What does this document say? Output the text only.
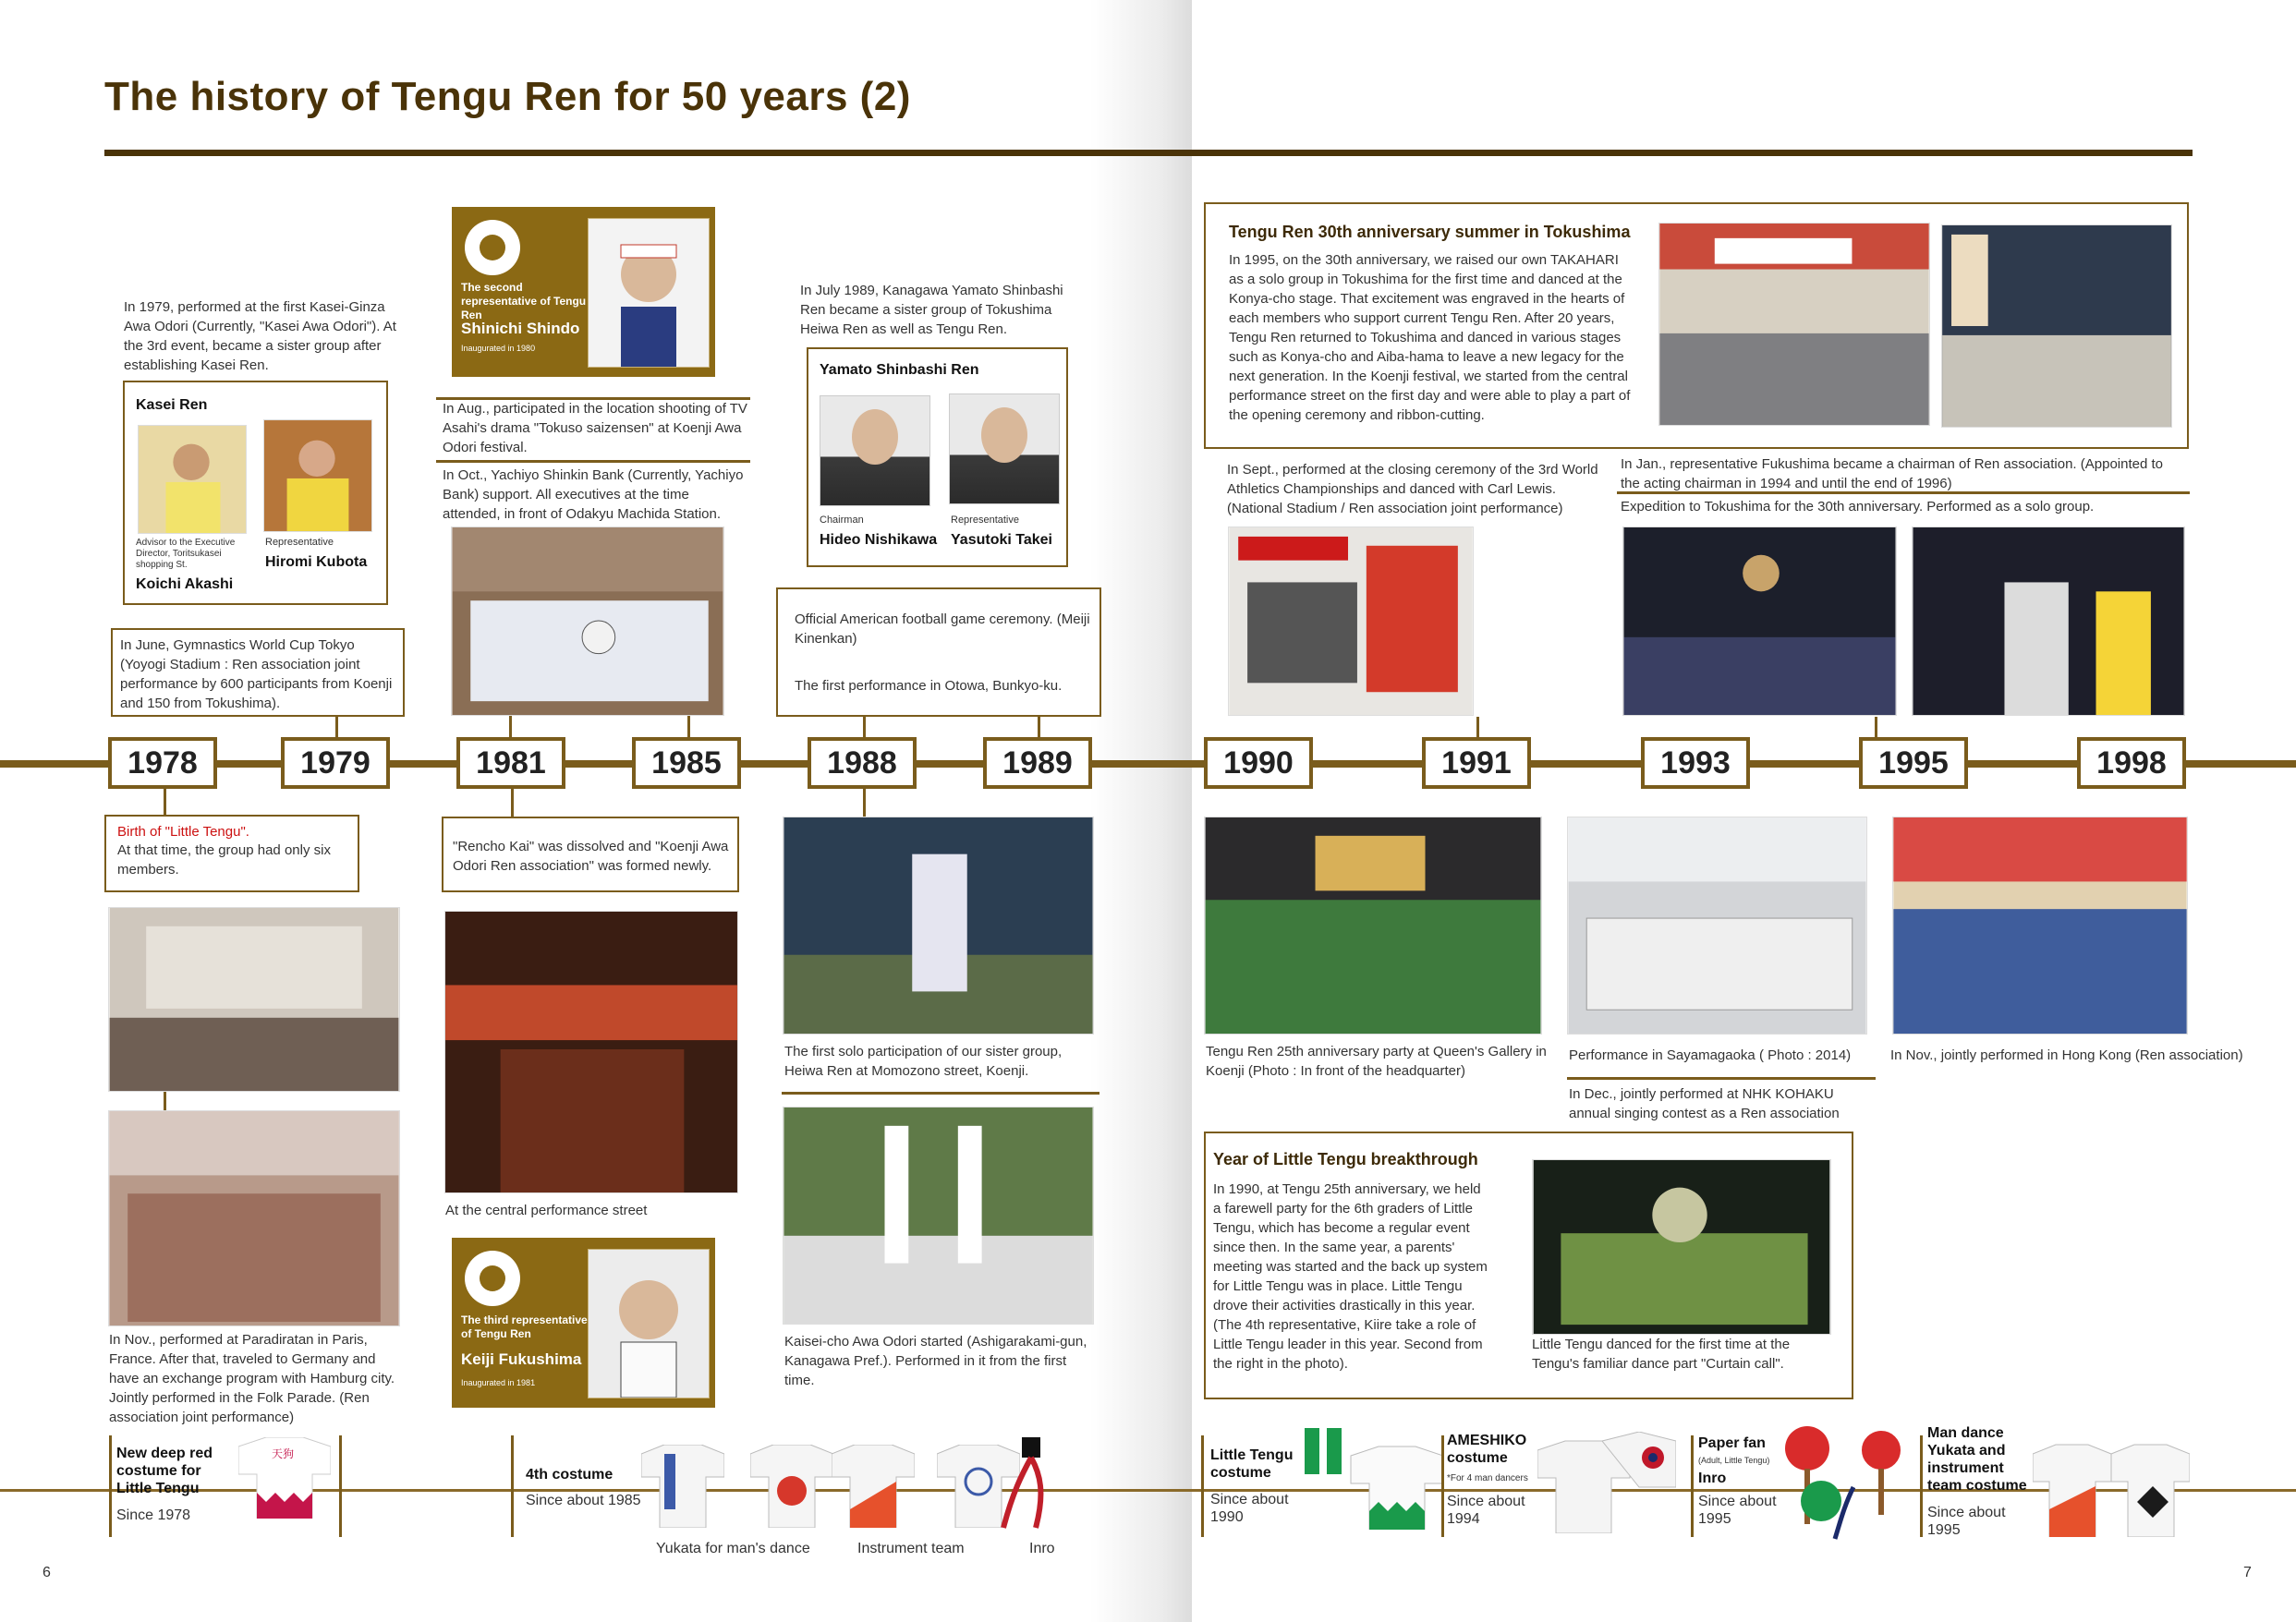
The history of Tengu Ren for 50 years (2)
In 1979, performed at the first Kasei-Ginza Awa Odori (Currently, "Kasei Awa Odori"). At the 3rd event, became a sister group after establishing Kasei Ren.
Kasei Ren
Advisor to the Executive Director, Toritsukasei shopping St.
Koichi Akashi
Representative
Hiromi Kubota
In June, Gymnastics World Cup Tokyo (Yoyogi Stadium : Ren association joint performance by 600 participants from Koenji and 150 from Tokushima).
The second representative of Tengu Ren
Shinichi Shindo
Inaugurated in 1980
In Aug., participated in the location shooting of TV Asahi's drama "Tokuso saizensen" at Koenji Awa Odori festival.
In Oct., Yachiyo Shinkin Bank (Currently, Yachiyo Bank) support. All executives at the time attended, in front of Odakyu Machida Station.
In July 1989, Kanagawa Yamato Shinbashi Ren became a sister group of Tokushima Heiwa Ren as well as Tengu Ren.
Yamato Shinbashi Ren
Chairman
Hideo Nishikawa
Representative
Yasutoki Takei
Official American football game ceremony. (Meiji Kinenkan)
The first performance in Otowa, Bunkyo-ku.
Birth of "Little Tengu".
At that time, the group had only six members.
In Nov., performed at Paradiratan in Paris, France. After that, traveled to Germany and have an exchange program with Hamburg city. Jointly performed in the Folk Parade. (Ren association joint performance)
"Rencho Kai" was dissolved and "Koenji Awa Odori Ren association" was formed newly.
At the central performance street
The third representative of Tengu Ren
Keiji Fukushima
Inaugurated in 1981
The first solo participation of our sister group, Heiwa Ren at Momozono street, Koenji.
Kaisei-cho Awa Odori started (Ashigarakami-gun, Kanagawa Pref.). Performed in it from the first time.
1978	1979	1981	1985	1988	1989	1990	1991	1993	1995	1998
Tengu Ren 30th anniversary summer in Tokushima
In 1995, on the 30th anniversary, we raised our own TAKAHARI as a solo group in Tokushima for the first time and danced at the Konya-cho stage. That excitement was engraved in the hearts of each members who support current Tengu Ren. After 20 years, Tengu Ren returned to Tokushima and danced in various stages such as Konya-cho and Aiba-hama to leave a new legacy for the next generation. In the Koenji festival, we started from the central performance street on the first day and were able to play a part of the opening ceremony and ribbon-cutting.
In Sept., performed at the closing ceremony of the 3rd World Athletics Championships and danced with Carl Lewis. (National Stadium / Ren association joint performance)
In Jan., representative Fukushima became a chairman of Ren association. (Appointed to the acting chairman in 1994 and until the end of 1996)
Expedition to Tokushima for the 30th anniversary. Performed as a solo group.
Tengu Ren 25th anniversary party at Queen's Gallery in Koenji (Photo : In front of the headquarter)
Performance in Sayamagaoka ( Photo : 2014)
In Dec., jointly performed at NHK KOHAKU annual singing contest as a Ren association
In Nov., jointly performed in Hong Kong (Ren association)
Year of Little Tengu breakthrough
In 1990, at Tengu 25th anniversary, we held a farewell party for the 6th graders of Little Tengu, which has become a regular event since then. In the same year, a parents' meeting was started and the back up system for Little Tengu was in place. Little Tengu drove their activities drastically in this year. (The 4th representative, Kiire take a role of Little Tengu leader in this year. Second from the right in the photo).
Little Tengu danced for the first time at the Tengu's familiar dance part "Curtain call".
New deep red costume for Little Tengu
Since 1978
天狗
4th costume
Since about 1985
Yukata for man's dance	Instrument team	Inro
Little Tengu costume
Since about 1990
AMESHIKO costume
*For 4 man dancers
Since about 1994
Paper fan
(Adult, Little Tengu)
Inro
Since about 1995
Man dance Yukata and instrument team costume
Since about 1995
6	7
